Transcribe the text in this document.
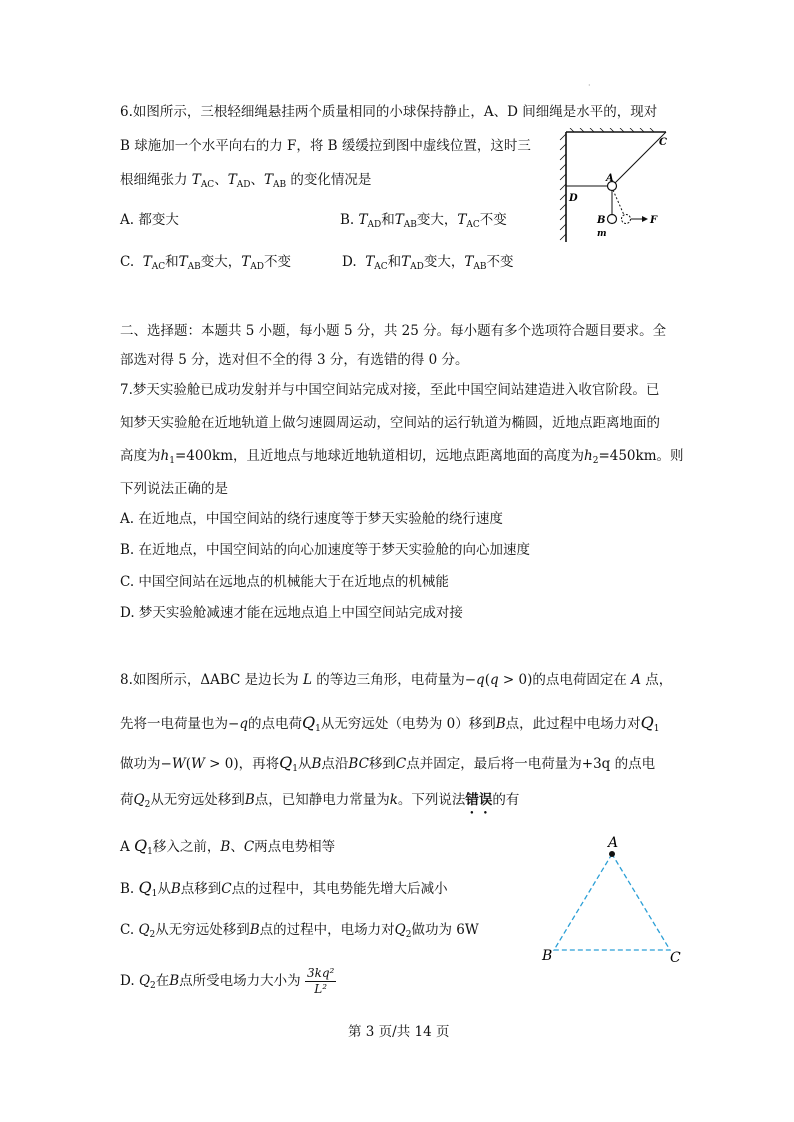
·
6.如图所示，三根轻细绳悬挂两个质量相同的小球保持静止，A、D 间细绳是水平的，现对
B 球施加一个水平向右的力 F，将 B 缓缓拉到图中虚线位置，这时三
根细绳张力 $T_{AC}$、$T_{AD}$、$T_{AB}$ 的变化情况是
A. 都变大	B. $T_{AD}$和$T_{AB}$变大，$T_{AC}$不变
C. $T_{AC}$和$T_{AB}$变大，$T_{AD}$不变	D. $T_{AC}$和$T_{AD}$变大，$T_{AB}$不变
C
A
D
B
m
F
二、选择题：本题共 5 小题，每小题 5 分，共 25 分。每小题有多个选项符合题目要求。全
部选对得 5 分，选对但不全的得 3 分，有选错的得 0 分。
7.梦天实验舱已成功发射并与中国空间站完成对接，至此中国空间站建造进入收官阶段。已
知梦天实验舱在近地轨道上做匀速圆周运动，空间站的运行轨道为椭圆，近地点距离地面的
高度为$h_1=400km$，且近地点与地球近地轨道相切，远地点距离地面的高度为$h_2=450km$。则
下列说法正确的是
A. 在近地点，中国空间站的绕行速度等于梦天实验舱的绕行速度
B. 在近地点，中国空间站的向心加速度等于梦天实验舱的向心加速度
C. 中国空间站在远地点的机械能大于在近地点的机械能
D. 梦天实验舱减速才能在远地点追上中国空间站完成对接
8.如图所示，ΔABC 是边长为 L 的等边三角形，电荷量为−q(q > 0)的点电荷固定在 A 点，
先将一电荷量也为−q的点电荷$Q_1$从无穷远处（电势为 0）移到B点，此过程中电场力对$Q_1$
做功为−W(W > 0)，再将$Q_1$从B点沿BC移到C点并固定，最后将一电荷量为+3q 的点电
荷$Q_2$从无穷远处移到B点，已知静电力常量为k。下列说法错误的有
A $Q_1$移入之前，B、C两点电势相等
B. $Q_1$从B点移到C点的过程中，其电势能先增大后减小
C. $Q_2$从无穷远处移到B点的过程中，电场力对$Q_2$做功为 6W
D. $Q_2$在B点所受电场力大小为 $\frac{\text{3kq²}}{\text{L²}}$
A
B	C
第 3 页/共 14 页
